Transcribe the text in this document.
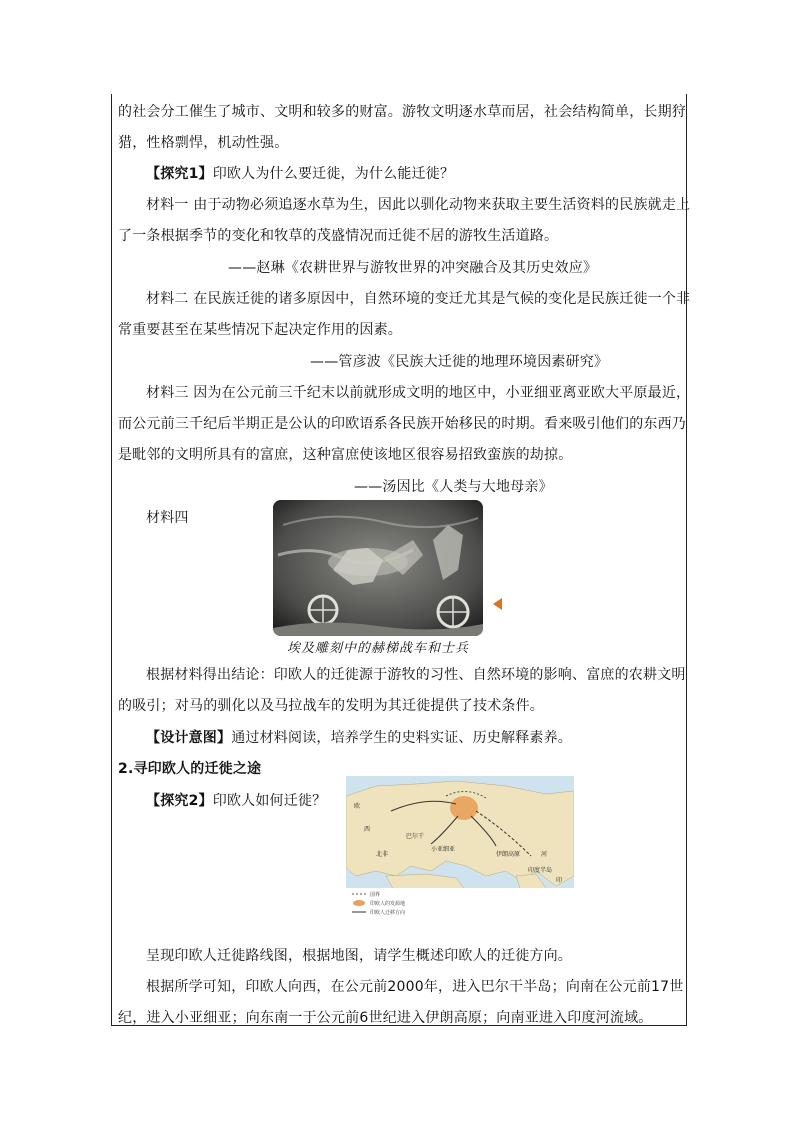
的社会分工催生了城市、文明和较多的财富。游牧文明逐水草而居，社会结构简单，长期狩
猎，性格剽悍，机动性强。
【探究1】印欧人为什么要迁徙，为什么能迁徙？
材料一 由于动物必须追逐水草为生，因此以驯化动物来获取主要生活资料的民族就走上
了一条根据季节的变化和牧草的茂盛情况而迁徙不居的游牧生活道路。
——赵琳《农耕世界与游牧世界的冲突融合及其历史效应》
材料二 在民族迁徙的诸多原因中，自然环境的变迁尤其是气候的变化是民族迁徙一个非
常重要甚至在某些情况下起决定作用的因素。
——管彦波《民族大迁徙的地理环境因素研究》
材料三 因为在公元前三千纪末以前就形成文明的地区中，小亚细亚离亚欧大平原最近，
而公元前三千纪后半期正是公认的印欧语系各民族开始移民的时期。看来吸引他们的东西乃
是毗邻的文明所具有的富庶，这种富庶使该地区很容易招致蛮族的劫掠。
——汤因比《人类与大地母亲》
材料四
埃及雕刻中的赫梯战车和士兵
根据材料得出结论：印欧人的迁徙源于游牧的习性、自然环境的影响、富庶的农耕文明
的吸引；对马的驯化以及马拉战车的发明为其迁徙提供了技术条件。
【设计意图】通过材料阅读，培养学生的史料实证、历史解释素养。
2.寻印欧人的迁徙之途
【探究2】印欧人如何迁徙？	欧
西
北非
巴尔干
小亚细亚
伊朗高原
印度半岛
河
印
国界
印欧人的发源地
印欧人迁移方向
呈现印欧人迁徙路线图，根据地图，请学生概述印欧人的迁徙方向。
根据所学可知，印欧人向西，在公元前2000年，进入巴尔干半岛；向南在公元前17世
纪，进入小亚细亚；向东南一于公元前6世纪进入伊朗高原；向南亚进入印度河流域。
